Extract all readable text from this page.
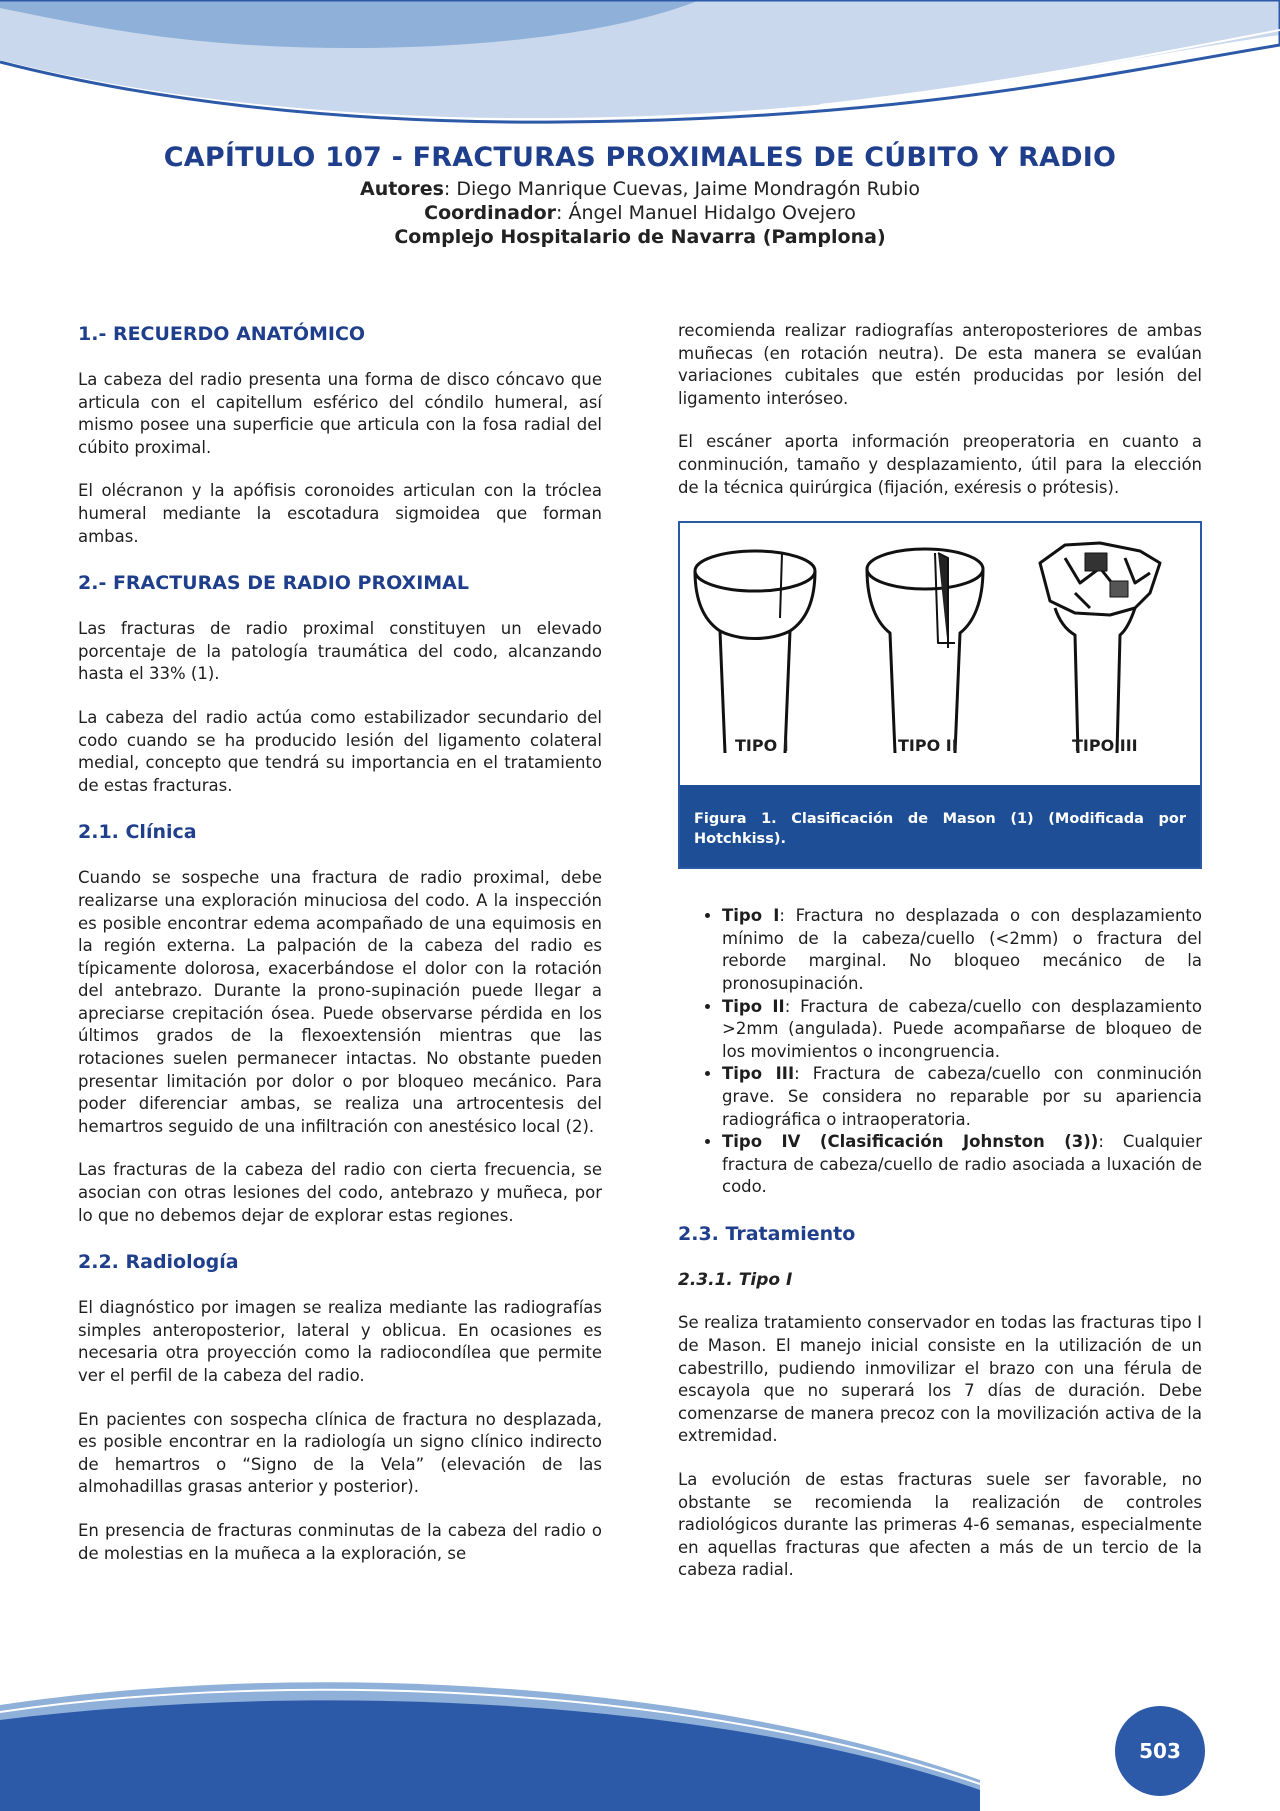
CAPÍTULO 107 - FRACTURAS PROXIMALES DE CÚBITO Y RADIO
Autores: Diego Manrique Cuevas, Jaime Mondragón Rubio
Coordinador: Ángel Manuel Hidalgo Ovejero
Complejo Hospitalario de Navarra (Pamplona)
1.- RECUERDO ANATÓMICO

La cabeza del radio presenta una forma de disco cóncavo que articula con el capitellum esférico del cóndilo humeral, así mismo posee una superficie que articula con la fosa radial del cúbito proximal.

El olécranon y la apófisis coronoides articulan con la tróclea humeral mediante la escotadura sigmoidea que forman ambas.

2.- FRACTURAS DE RADIO PROXIMAL

Las fracturas de radio proximal constituyen un elevado porcentaje de la patología traumática del codo, alcanzando hasta el 33% (1).

La cabeza del radio actúa como estabilizador secundario del codo cuando se ha producido lesión del ligamento colateral medial, concepto que tendrá su importancia en el tratamiento de estas fracturas.

2.1. Clínica

Cuando se sospeche una fractura de radio proximal, debe realizarse una exploración minuciosa del codo. A la inspección es posible encontrar edema acompañado de una equimosis en la región externa. La palpación de la cabeza del radio es típicamente dolorosa, exacerbándose el dolor con la rotación del antebrazo. Durante la prono-supinación puede llegar a apreciarse crepitación ósea. Puede observarse pérdida en los últimos grados de la flexoextensión mientras que las rotaciones suelen permanecer intactas. No obstante pueden presentar limitación por dolor o por bloqueo mecánico. Para poder diferenciar ambas, se realiza una artrocentesis del hemartros seguido de una infiltración con anestésico local (2).

Las fracturas de la cabeza del radio con cierta frecuencia, se asocian con otras lesiones del codo, antebrazo y muñeca, por lo que no debemos dejar de explorar estas regiones.

2.2. Radiología

El diagnóstico por imagen se realiza mediante las radiografías simples anteroposterior, lateral y oblicua. En ocasiones es necesaria otra proyección como la radiocondílea que permite ver el perfil de la cabeza del radio.

En pacientes con sospecha clínica de fractura no desplazada, es posible encontrar en la radiología un signo clínico indirecto de hemartros o “Signo de la Vela” (elevación de las almohadillas grasas anterior y posterior).

En presencia de fracturas conminutas de la cabeza del radio o de molestias en la muñeca a la exploración, se

recomienda realizar radiografías anteroposteriores de ambas muñecas (en rotación neutra). De esta manera se evalúan variaciones cubitales que estén producidas por lesión del ligamento interóseo.

El escáner aporta información preoperatoria en cuanto a conminución, tamaño y desplazamiento, útil para la elección de la técnica quirúrgica (fijación, exéresis o prótesis).

TIPO I	TIPO II	TIPO III
Figura 1. Clasificación de Mason (1) (Modificada por Hotchkiss).
• Tipo I: Fractura no desplazada o con desplazamiento mínimo de la cabeza/cuello (<2mm) o fractura del reborde marginal. No bloqueo mecánico de la pronosupinación.
• Tipo II: Fractura de cabeza/cuello con desplazamiento >2mm (angulada). Puede acompañarse de bloqueo de los movimientos o incongruencia.
• Tipo III: Fractura de cabeza/cuello con conminución grave. Se considera no reparable por su apariencia radiográfica o intraoperatoria.
• Tipo IV (Clasificación Johnston (3)): Cualquier fractura de cabeza/cuello de radio asociada a luxación de codo.
2.3. Tratamiento
2.3.1. Tipo I

Se realiza tratamiento conservador en todas las fracturas tipo I de Mason. El manejo inicial consiste en la utilización de un cabestrillo, pudiendo inmovilizar el brazo con una férula de escayola que no superará los 7 días de duración. Debe comenzarse de manera precoz con la movilización activa de la extremidad.

La evolución de estas fracturas suele ser favorable, no obstante se recomienda la realización de controles radiológicos durante las primeras 4-6 semanas, especialmente en aquellas fracturas que afecten a más de un tercio de la cabeza radial.

503
